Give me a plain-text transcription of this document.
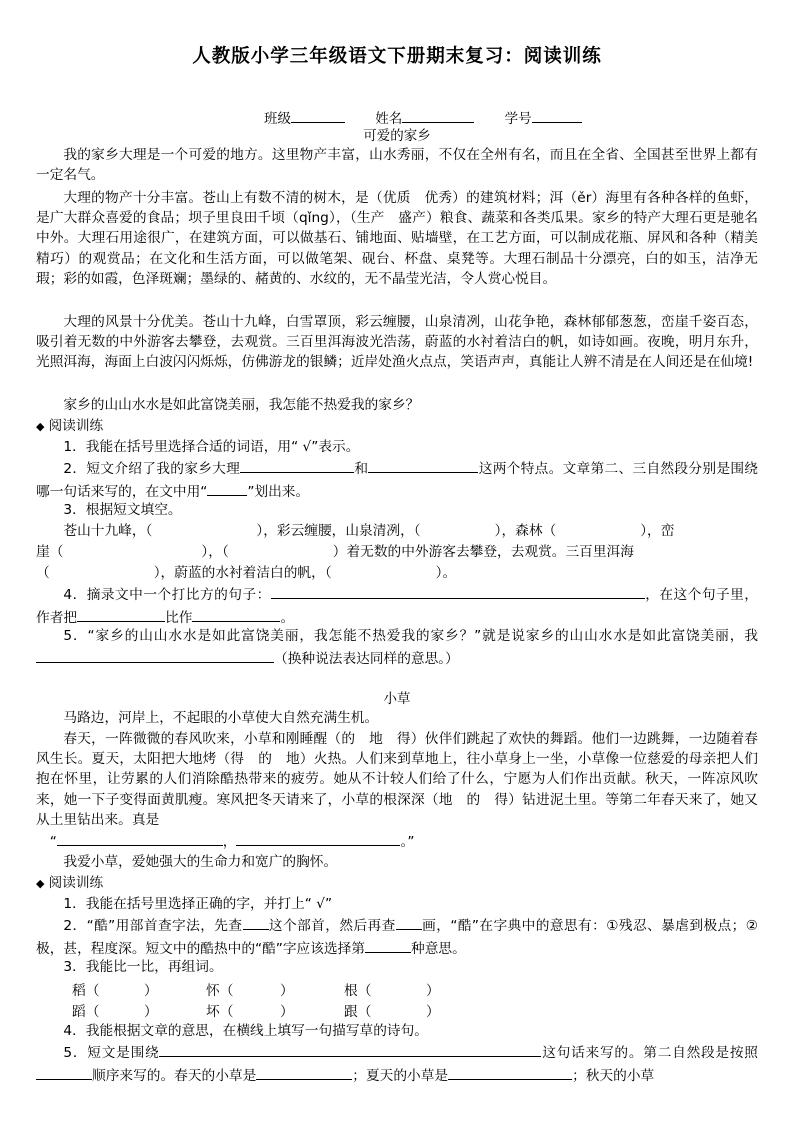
人教版小学三年级语文下册期末复习：阅读训练
班级	姓名	学号
可爱的家乡

我的家乡大理是一个可爱的地方。这里物产丰富，山水秀丽，不仅在全州有名，而且在全省、全国甚至世界上都有一定名气。

大理的物产十分丰富。苍山上有数不清的树木，是（优质　优秀）的建筑材料；洱（ěr）海里有各种各样的鱼虾，是广大群众喜爱的食品；坝子里良田千顷（qǐng），（生产　盛产）粮食、蔬菜和各类瓜果。家乡的特产大理石更是驰名中外。大理石用途很广，在建筑方面，可以做基石、铺地面、贴墙壁，在工艺方面，可以制成花瓶、屏风和各种（精美　精巧）的观赏品；在文化和生活方面，可以做笔架、砚台、杯盘、桌凳等。大理石制品十分漂亮，白的如玉，洁净无瑕；彩的如霞，色泽斑斓；墨绿的、赭黄的、水纹的，无不晶莹光洁，令人赏心悦目。

大理的风景十分优美。苍山十九峰，白雪罩顶，彩云缠腰，山泉清冽，山花争艳，森林郁郁葱葱，峦崖千姿百态，吸引着无数的中外游客去攀登，去观赏。三百里洱海波光浩荡，蔚蓝的水衬着洁白的帆，如诗如画。夜晚，明月东升，光照洱海，海面上白波闪闪烁烁，仿佛游龙的银鳞；近岸处渔火点点，笑语声声，真能让人辨不清是在人间还是在仙境!

家乡的山山水水是如此富饶美丽，我怎能不热爱我的家乡？

◆ 阅读训练

1．我能在括号里选择合适的词语，用“ √”表示。

2．短文介绍了我的家乡大理	和	这两个特点。文章第二、三自然段分别是围绕哪一句话来写的，在文中用“	”划出来。

3．根据短文填空。

苍山十九峰，（	），彩云缠腰，山泉清冽，（	），森林（	），峦

崖（	），（	）着无数的中外游客去攀登，去观赏。三百里洱海

（	），蔚蓝的水衬着洁白的帆，（	）。

4．摘录文中一个打比方的句子：	，在这个句子里，作者把	比作	。

5．“家乡的山山水水是如此富饶美丽，我怎能不热爱我的家乡？”就是说家乡的山山水水是如此富饶美丽，我（换种说法表达同样的意思。）

小草

马路边，河岸上，不起眼的小草使大自然充满生机。

春天，一阵微微的春风吹来，小草和刚睡醒（的　地　得）伙伴们跳起了欢快的舞蹈。他们一边跳舞，一边随着春风生长。夏天，太阳把大地烤（得　的　地）火热。人们来到草地上，往小草身上一坐，小草像一位慈爱的母亲把人们抱在怀里，让劳累的人们消除酷热带来的疲劳。她从不计较人们给了什么，宁愿为人们作出贡献。秋天，一阵凉风吹来，她一下子变得面黄肌瘦。寒风把冬天请来了，小草的根深深（地　的　得）钻进泥土里。等第二年春天来了，她又从土里钻出来。真是

“	，	。”

我爱小草，爱她强大的生命力和宽广的胸怀。

◆ 阅读训练

1．我能在括号里选择正确的字，并打上“ √”

2．“酷”用部首查字法，先查 这个部首，然后再查 画，“酷”在字典中的意思有：①残忍、暴虐到极点；②极，甚，程度深。短文中的酷热中的“酷”字应该选择第	种意思。

3．我能比一比，再组词。

稻（	）	怀（	）	根（	）
蹈（	）	坏（	）	跟（	）

4．我能根据文章的意思，在横线上填写一句描写草的诗句。

5．短文是围绕	这句话来写的。第二自然段是按照顺序来写的。春天的小草是	；夏天的小草是	；秋天的小草
